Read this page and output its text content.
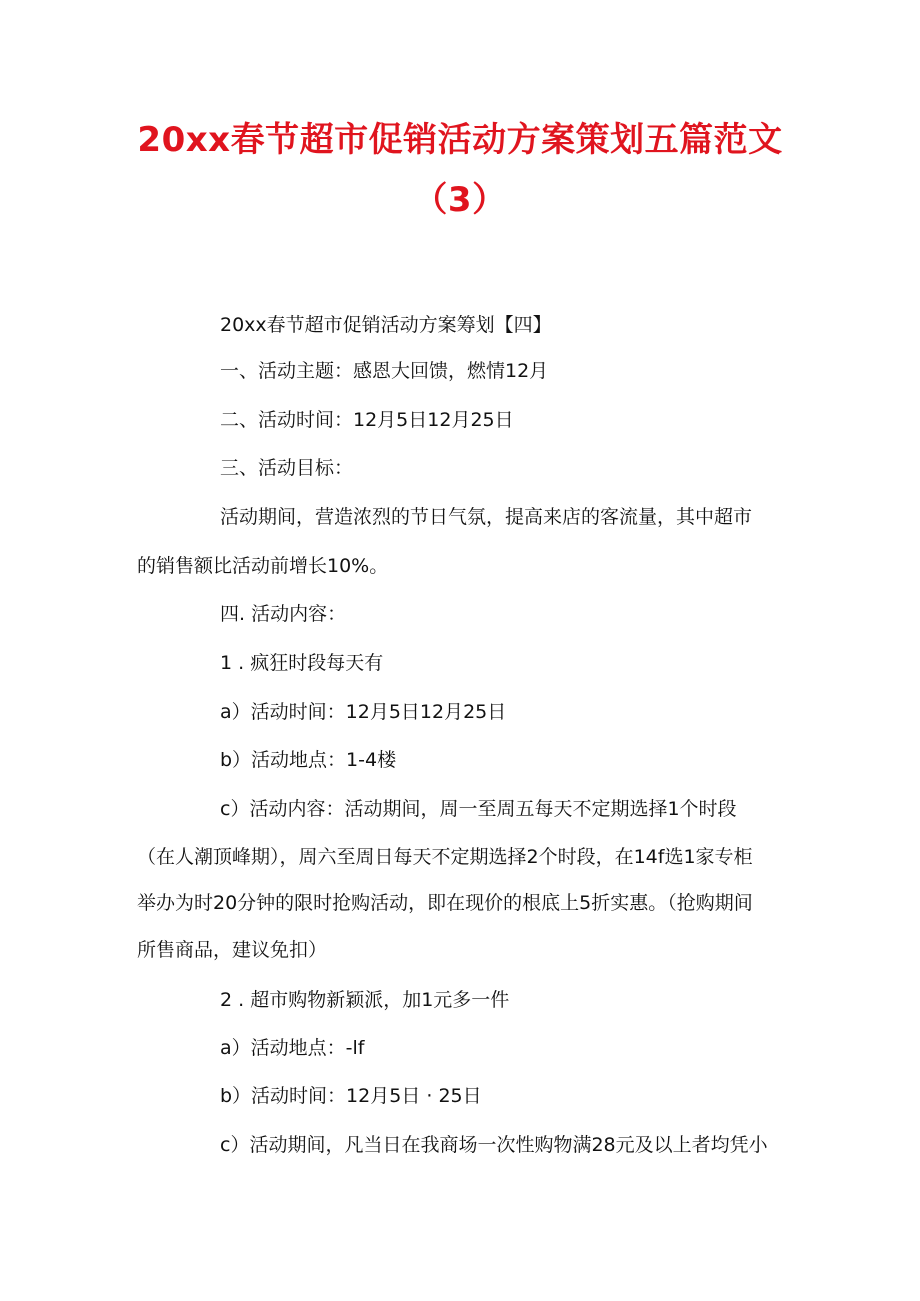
20xx春节超市促销活动方案策划五篇范文
（3）

20xx春节超市促销活动方案筹划【四】

一、活动主题：感恩大回馈，燃情12月

二、活动时间：12月5日12月25日

三、活动目标：

活动期间，营造浓烈的节日气氛，提高来店的客流量，其中超市

的销售额比活动前增长10%。

四. 活动内容：

1 . 疯狂时段每天有

a）活动时间：12月5日12月25日

b）活动地点：1-4楼

c）活动内容：活动期间，周一至周五每天不定期选择1个时段

（在人潮顶峰期），周六至周日每天不定期选择2个时段，在14f选1家专柜

举办为时20分钟的限时抢购活动，即在现价的根底上5折实惠。（抢购期间

所售商品，建议免扣）

2 . 超市购物新颖派，加1元多一件

a）活动地点：-lf

b）活动时间：12月5日 · 25日

c）活动期间，凡当日在我商场一次性购物满28元及以上者均凭小
